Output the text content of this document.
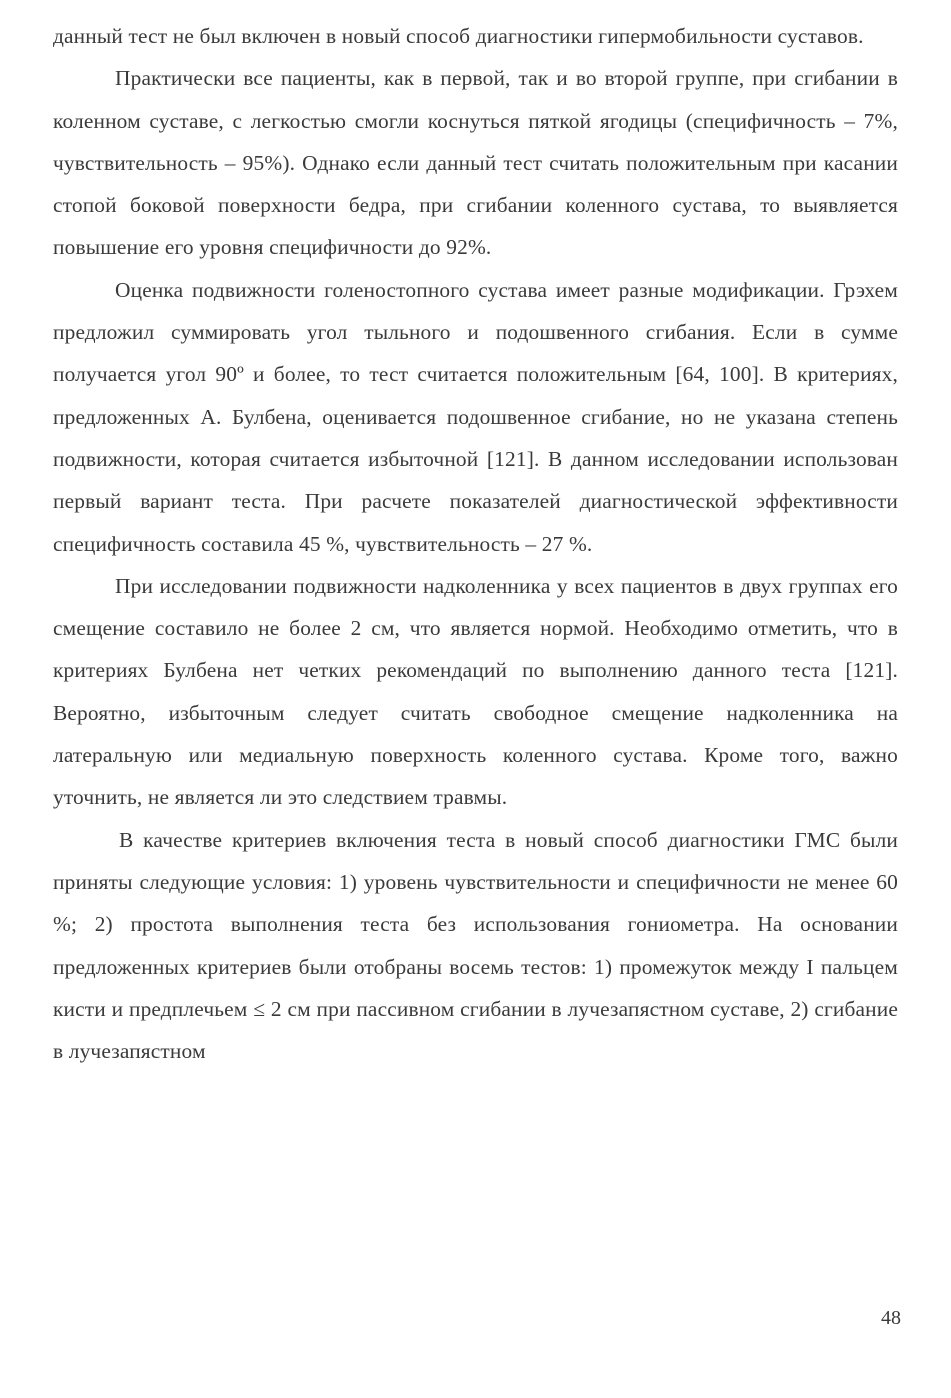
данный тест не был включен в новый способ диагностики гипермобильности суставов.

Практически все пациенты, как в первой, так и во второй группе, при сгибании в коленном суставе, с легкостью смогли коснуться пяткой ягодицы (специфичность – 7%, чувствительность – 95%). Однако если данный тест считать положительным при касании стопой боковой поверхности бедра, при сгибании коленного сустава, то выявляется повышение его уровня специфичности до 92%.

Оценка подвижности голеностопного сустава имеет разные модификации. Грэхем предложил суммировать угол тыльного и подошвенного сгибания. Если в сумме получается угол 90º и более, то тест считается положительным [64, 100]. В критериях, предложенных А. Булбена, оценивается подошвенное сгибание, но не указана степень подвижности, которая считается избыточной [121]. В данном исследовании использован первый вариант теста. При расчете показателей диагностической эффективности специфичность составила 45 %, чувствительность – 27 %.

При исследовании подвижности надколенника у всех пациентов в двух группах его смещение составило не более 2 см, что является нормой. Необходимо отметить, что в критериях Булбена нет четких рекомендаций по выполнению данного теста [121]. Вероятно, избыточным следует считать свободное смещение надколенника на латеральную или медиальную поверхность коленного сустава. Кроме того, важно уточнить, не является ли это следствием травмы.

В качестве критериев включения теста в новый способ диагностики ГМС были приняты следующие условия: 1) уровень чувствительности и специфичности не менее 60 %; 2) простота выполнения теста без использования гониометра. На основании предложенных критериев были отобраны восемь тестов: 1) промежуток между I пальцем кисти и предплечьем ≤ 2 см при пассивном сгибании в лучезапястном суставе, 2) сгибание в лучезапястном

48
